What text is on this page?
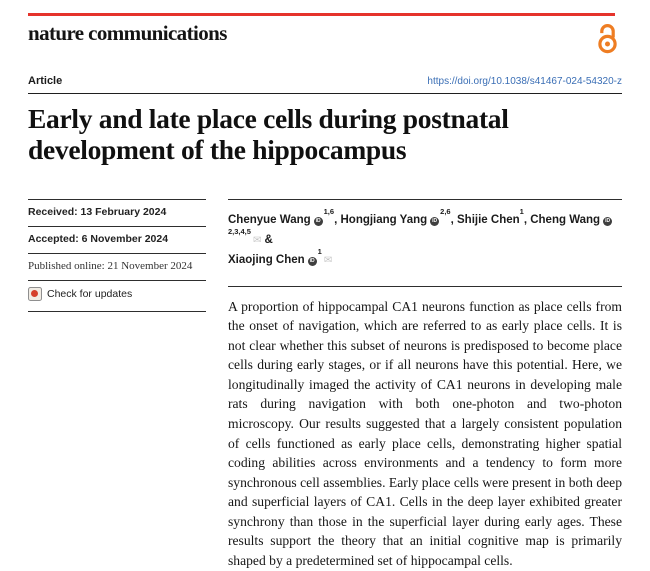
nature communications
Article	https://doi.org/10.1038/s41467-024-54320-z
Early and late place cells during postnatal development of the hippocampus
Received: 13 February 2024
Accepted: 6 November 2024
Published online: 21 November 2024
Check for updates
Chenyue Wang iD$^{1,6}$, Hongjiang Yang iD$^{2,6}$, Shijie Chen$^1$, Cheng Wang iD$^{2,3,4,5}$✉ &
Xiaojing Chen $iD^1✉$
A proportion of hippocampal CA1 neurons function as place cells from the onset of navigation, which are referred to as early place cells. It is not clear whether this subset of neurons is predisposed to become place cells during early stages, or if all neurons have this potential. Here, we longitudinally imaged the activity of CA1 neurons in developing male rats during navigation with both one-photon and two-photon microscopy. Our results suggested that a largely consistent population of cells functioned as early place cells, demonstrating higher spatial coding abilities across environments and a tendency to form more synchronous cell assemblies. Early place cells were present in both deep and superficial layers of CA1. Cells in the deep layer exhibited greater synchrony than those in the superficial layer during early ages. These results support the theory that an initial cognitive map is primarily shaped by a predetermined set of hippocampal cells.
